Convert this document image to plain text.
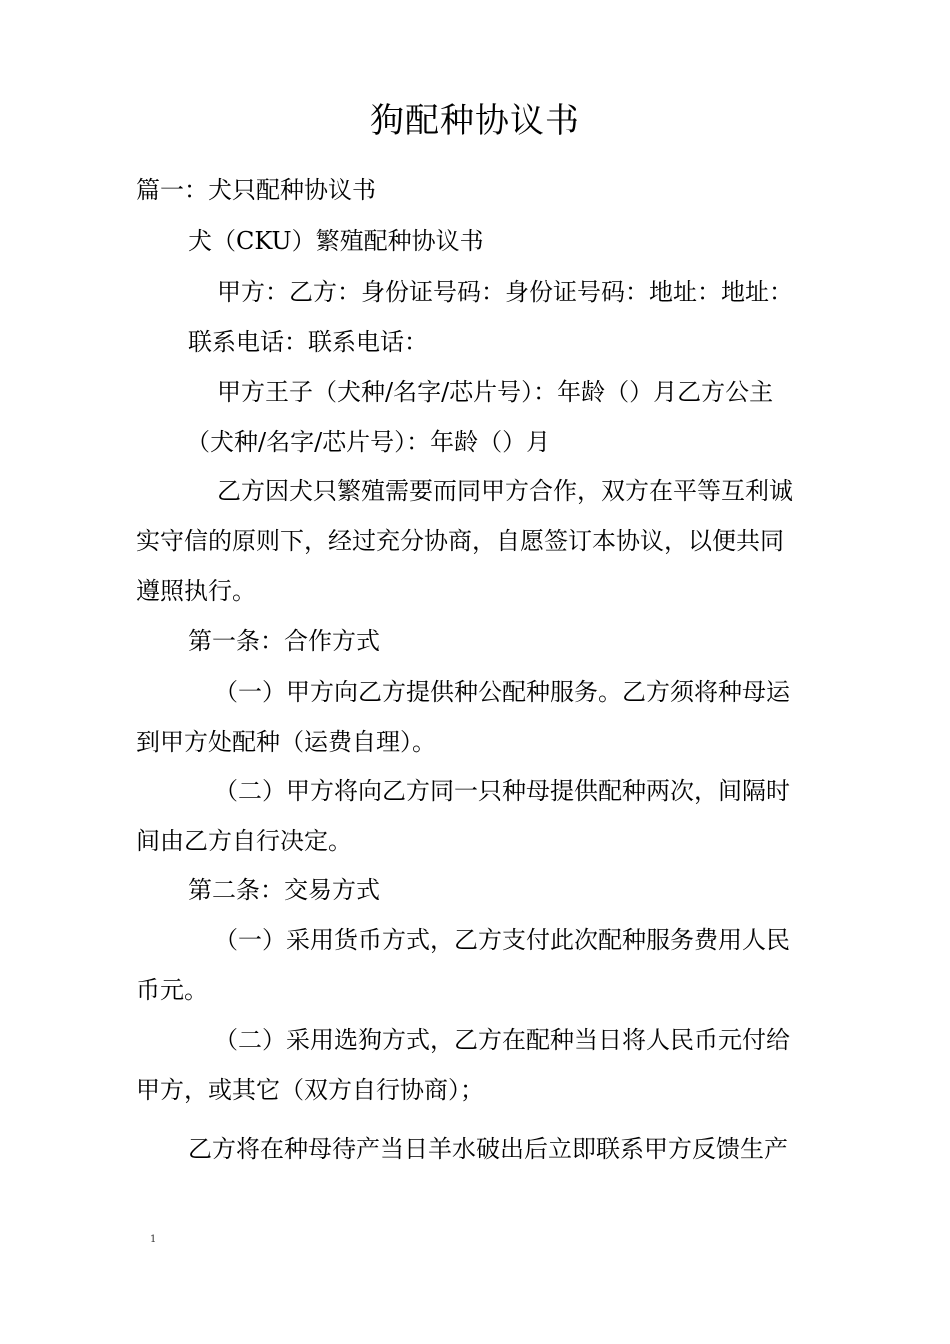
狗配种协议书
篇一：犬只配种协议书
犬（CKU）繁殖配种协议书
甲方：乙方：身份证号码：身份证号码：地址：地址：
联系电话：联系电话：
甲方王子（犬种/名字/芯片号）：年龄（）月乙方公主
（犬种/名字/芯片号）：年龄（）月
乙方因犬只繁殖需要而同甲方合作，双方在平等互利诚
实守信的原则下，经过充分协商，自愿签订本协议，以便共同
遵照执行。
第一条：合作方式
（一）甲方向乙方提供种公配种服务。乙方须将种母运
到甲方处配种（运费自理）。
（二）甲方将向乙方同一只种母提供配种两次，间隔时
间由乙方自行决定。
第二条：交易方式
（一）采用货币方式，乙方支付此次配种服务费用人民
币元。
（二）采用选狗方式，乙方在配种当日将人民币元付给
甲方，或其它（双方自行协商）；
乙方将在种母待产当日羊水破出后立即联系甲方反馈生产
1
